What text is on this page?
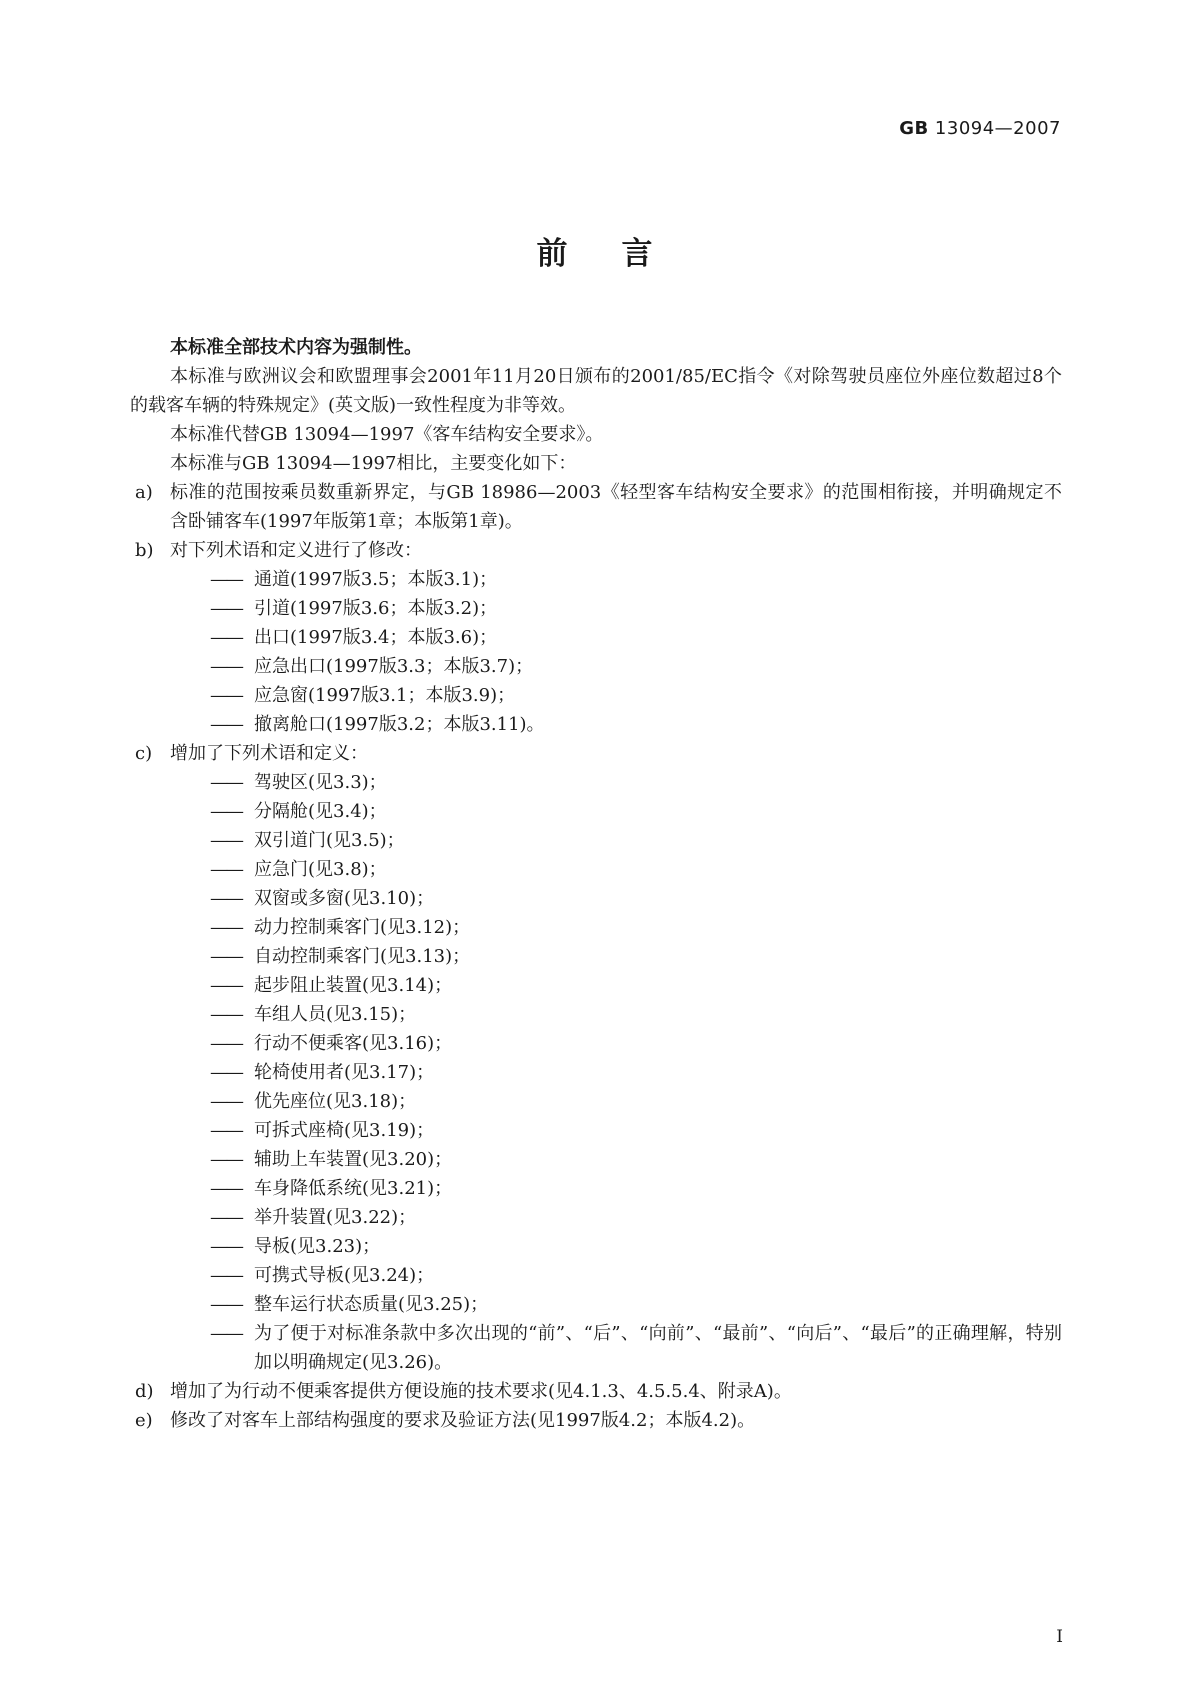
GB 13094—2007
前 言

本标准全部技术内容为强制性。

本标准与欧洲议会和欧盟理事会2001年11月20日颁布的2001/85/EC指令《对除驾驶员座位外座位数超过8个的载客车辆的特殊规定》(英文版)一致性程度为非等效。

本标准代替GB 13094—1997《客车结构安全要求》。

本标准与GB 13094—1997相比，主要变化如下：

a) 标准的范围按乘员数重新界定，与GB 18986—2003《轻型客车结构安全要求》的范围相衔接，并明确规定不含卧铺客车(1997年版第1章；本版第1章)。
b) 对下列术语和定义进行了修改：

—— 通道(1997版3.5；本版3.1)；

—— 引道(1997版3.6；本版3.2)；

—— 出口(1997版3.4；本版3.6)；

—— 应急出口(1997版3.3；本版3.7)；

—— 应急窗(1997版3.1；本版3.9)；

—— 撤离舱口(1997版3.2；本版3.11)。

c) 增加了下列术语和定义：

—— 驾驶区(见3.3)；

—— 分隔舱(见3.4)；

—— 双引道门(见3.5)；

—— 应急门(见3.8)；

—— 双窗或多窗(见3.10)；

—— 动力控制乘客门(见3.12)；

—— 自动控制乘客门(见3.13)；

—— 起步阻止装置(见3.14)；

—— 车组人员(见3.15)；

—— 行动不便乘客(见3.16)；

—— 轮椅使用者(见3.17)；

—— 优先座位(见3.18)；

—— 可拆式座椅(见3.19)；

—— 辅助上车装置(见3.20)；

—— 车身降低系统(见3.21)；

—— 举升装置(见3.22)；

—— 导板(见3.23)；

—— 可携式导板(见3.24)；

—— 整车运行状态质量(见3.25)；

—— 为了便于对标准条款中多次出现的“前”、“后”、“向前”、“最前”、“向后”、“最后”的正确理解，特别加以明确规定(见3.26)。

d) 增加了为行动不便乘客提供方便设施的技术要求(见4.1.3、4.5.5.4、附录A)。
e) 修改了对客车上部结构强度的要求及验证方法(见1997版4.2；本版4.2)。
I
